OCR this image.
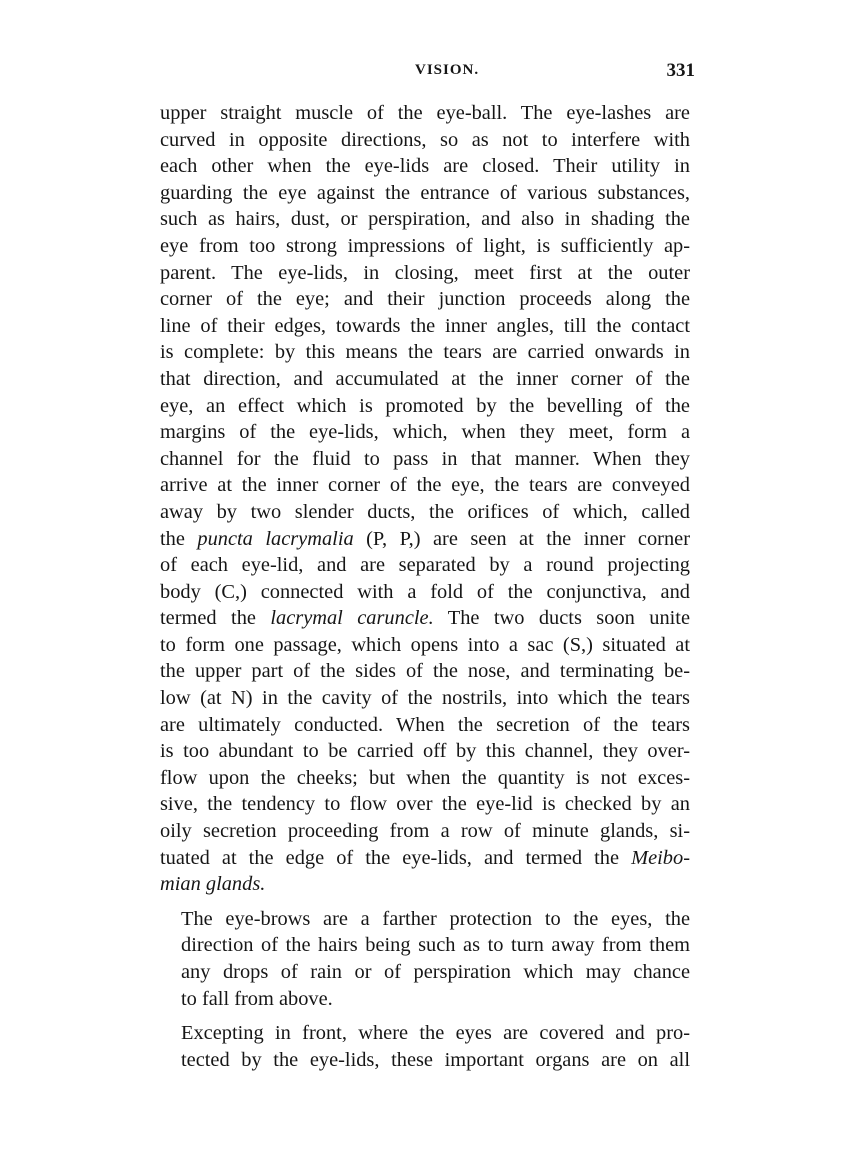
VISION.	331
upper straight muscle of the eye-ball. The eye-lashes are
curved in opposite directions, so as not to interfere with
each other when the eye-lids are closed. Their utility in
guarding the eye against the entrance of various substances,
such as hairs, dust, or perspiration, and also in shading the
eye from too strong impressions of light, is sufficiently ap-
parent. The eye-lids, in closing, meet first at the outer
corner of the eye; and their junction proceeds along the
line of their edges, towards the inner angles, till the contact
is complete: by this means the tears are carried onwards in
that direction, and accumulated at the inner corner of the
eye, an effect which is promoted by the bevelling of the
margins of the eye-lids, which, when they meet, form a
channel for the fluid to pass in that manner. When they
arrive at the inner corner of the eye, the tears are conveyed
away by two slender ducts, the orifices of which, called
the puncta lacrymalia (P, P,) are seen at the inner corner
of each eye-lid, and are separated by a round projecting
body (C,) connected with a fold of the conjunctiva, and
termed the lacrymal caruncle. The two ducts soon unite
to form one passage, which opens into a sac (S,) situated at
the upper part of the sides of the nose, and terminating be-
low (at N) in the cavity of the nostrils, into which the tears
are ultimately conducted. When the secretion of the tears
is too abundant to be carried off by this channel, they over-
flow upon the cheeks; but when the quantity is not exces-
sive, the tendency to flow over the eye-lid is checked by an
oily secretion proceeding from a row of minute glands, si-
tuated at the edge of the eye-lids, and termed the Meibo-
mian glands.
The eye-brows are a farther protection to the eyes, the
direction of the hairs being such as to turn away from them
any drops of rain or of perspiration which may chance
to fall from above.
Excepting in front, where the eyes are covered and pro-
tected by the eye-lids, these important organs are on all
